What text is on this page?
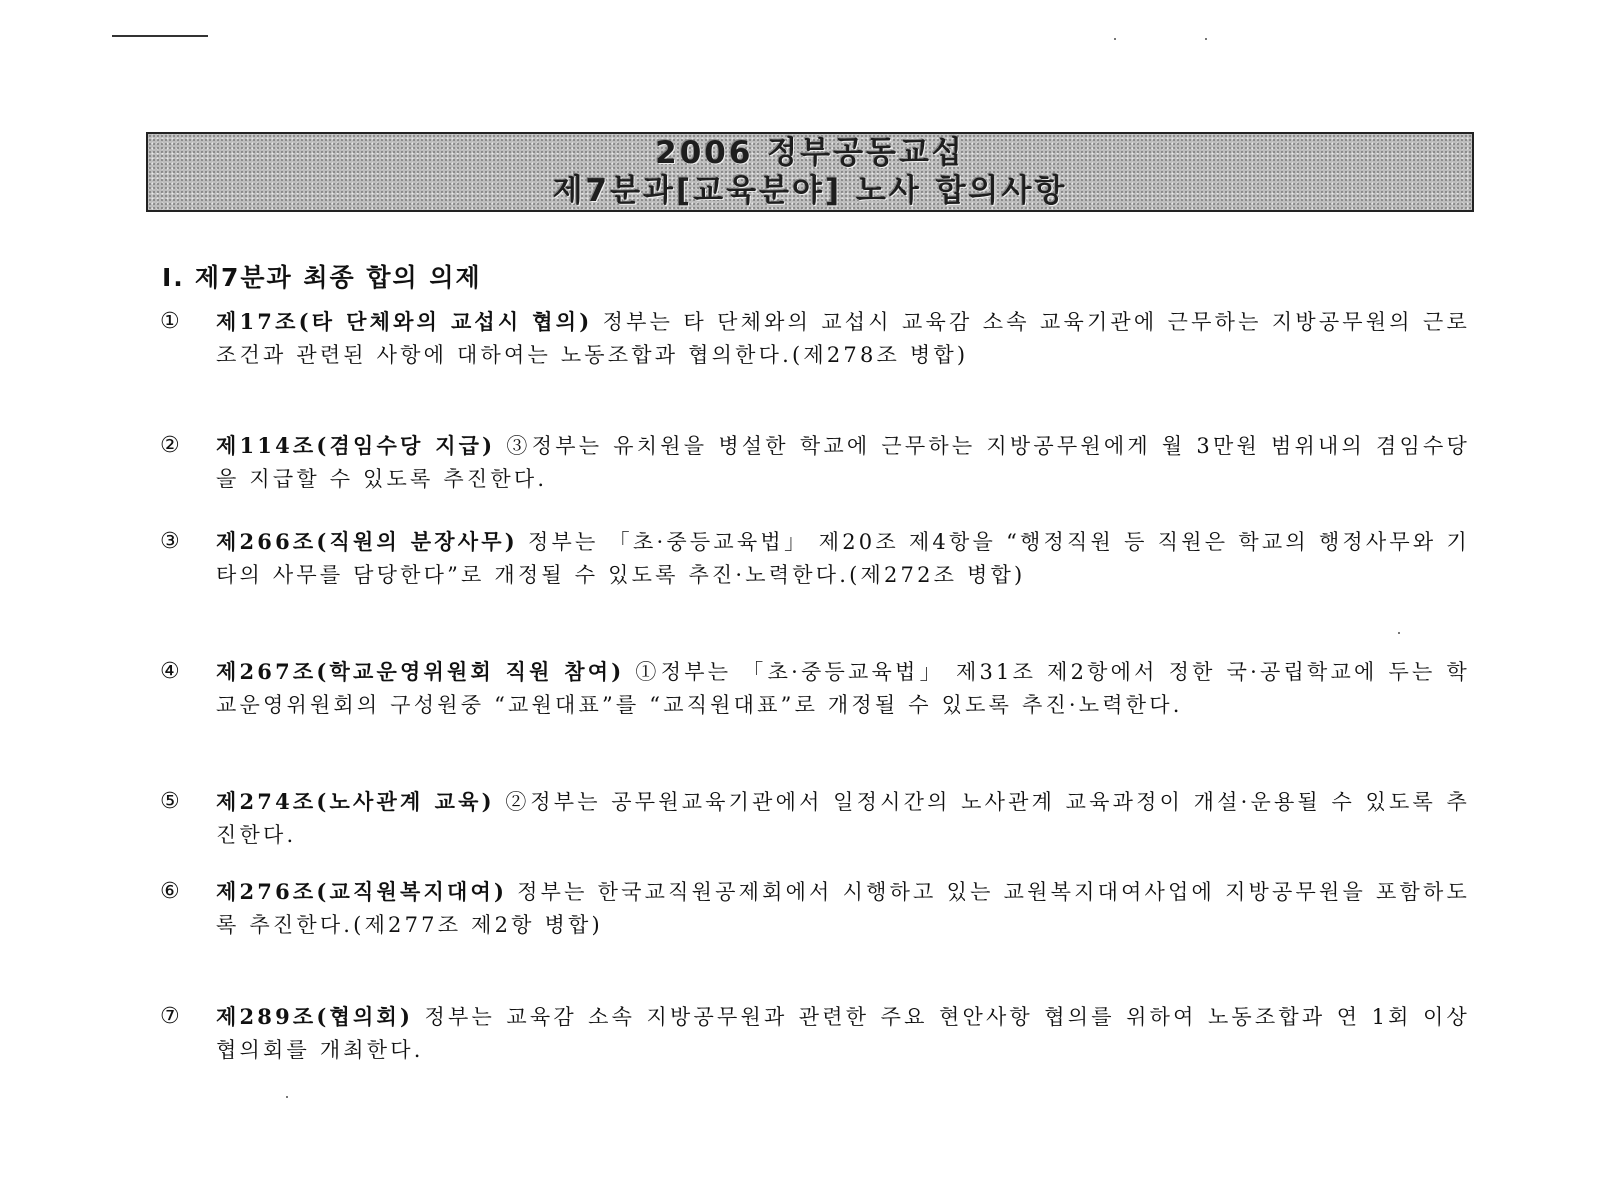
2006 정부공동교섭
제7분과[교육분야] 노사 합의사항
Ⅰ. 제7분과 최종 합의 의제
① 제17조(타 단체와의 교섭시 협의) 정부는 타 단체와의 교섭시 교육감 소속 교육기관에 근무하는 지방공무원의 근로조건과 관련된 사항에 대하여는 노동조합과 협의한다.(제278조 병합)
② 제114조(겸임수당 지급) ③정부는 유치원을 병설한 학교에 근무하는 지방공무원에게 월 3만원 범위내의 겸임수당을 지급할 수 있도록 추진한다.
③ 제266조(직원의 분장사무) 정부는 「초·중등교육법」 제20조 제4항을 “행정직원 등 직원은 학교의 행정사무와 기타의 사무를 담당한다”로 개정될 수 있도록 추진·노력한다.(제272조 병합)
④ 제267조(학교운영위원회 직원 참여) ①정부는 「초·중등교육법」 제31조 제2항에서 정한 국·공립학교에 두는 학교운영위원회의 구성원중 “교원대표”를 “교직원대표”로 개정될 수 있도록 추진·노력한다.
⑤ 제274조(노사관계 교육) ②정부는 공무원교육기관에서 일정시간의 노사관계 교육과정이 개설·운용될 수 있도록 추진한다.
⑥ 제276조(교직원복지대여) 정부는 한국교직원공제회에서 시행하고 있는 교원복지대여사업에 지방공무원을 포함하도록 추진한다.(제277조 제2항 병합)
⑦ 제289조(협의회) 정부는 교육감 소속 지방공무원과 관련한 주요 현안사항 협의를 위하여 노동조합과 연 1회 이상 협의회를 개최한다.
